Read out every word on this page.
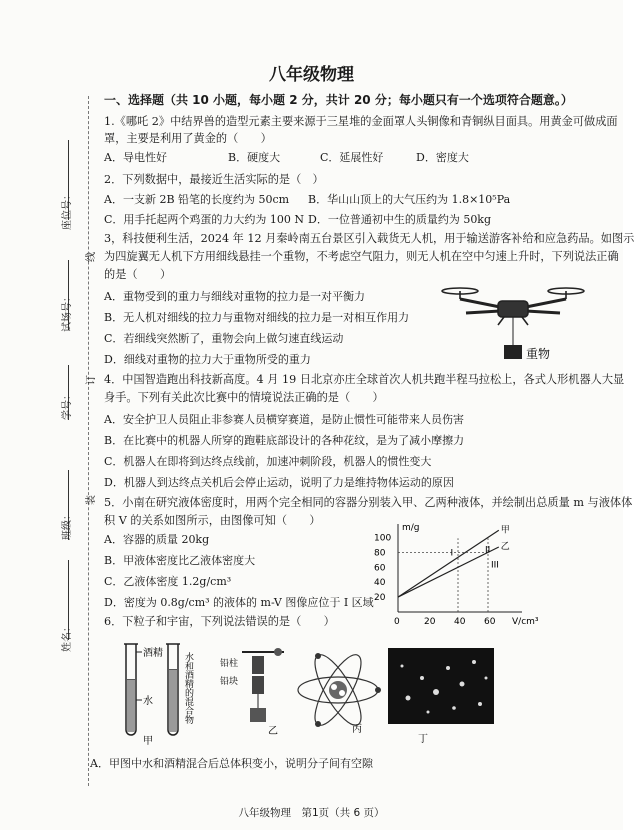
座位号：
试场号：
学号：
班级：
姓名：
线
订
装
八年级物理
一、选择题（共 10 小题，每小题 2 分，共计 20 分；每小题只有一个选项符合题意。）
1.《哪吒 2》中结界兽的造型元素主要来源于三星堆的金面罩人头铜像和青铜纵目面具。用黄金可做成面
罩，主要是利用了黄金的（　　）
A．导电性好	B．硬度大	C．延展性好	D．密度大
2．下列数据中，最接近生活实际的是（　）
A．一支新 2B 铅笔的长度约为 50cm B．华山山顶上的大气压约为 1.8×10⁵Pa
C．用手托起两个鸡蛋的力大约为 100 N D．一位普通初中生的质量约为 50kg
3，科技便利生活，2024 年 12 月秦岭南五台景区引入载货无人机，用于输送游客补给和应急药品。如图示
为四旋翼无人机下方用细线悬挂一个重物，不考虑空气阻力，则无人机在空中匀速上升时，下列说法正确
的是（　　）
A．重物受到的重力与细线对重物的拉力是一对平衡力
B．无人机对细线的拉力与重物对细线的拉力是一对相互作用力
C．若细线突然断了，重物会向上做匀速直线运动
D．细线对重物的拉力大于重物所受的重力	重物
4．中国智造跑出科技新高度。4 月 19 日北京亦庄全球首次人机共跑半程马拉松上，各式人形机器人大显
身手。下列有关此次比赛中的情境说法正确的是（　　）
A．安全护卫人员阻止非参赛人员横穿赛道，是防止惯性可能带来人员伤害
B．在比赛中的机器人所穿的跑鞋底部设计的各种花纹，是为了减小摩擦力
C．机器人在即将到达终点线前，加速冲刺阶段，机器人的惯性变大
D．机器人到达终点关机后会停止运动，说明了力是维持物体运动的原因
5．小南在研究液体密度时，用两个完全相同的容器分别装入甲、乙两种液体，并绘制出总质量 m 与液体体
积 V 的关系如图所示，由图像可知（　　）
A．容器的质量 20kg
B．甲液体密度比乙液体密度大
C．乙液体密度 1.2g/cm³
D．密度为 0.8g/cm³ 的液体的 m-V 图像应位于 I 区域
V/cm³
m/g
0	20 40 60
20
40
60
80
100
甲
乙
I	II
III
6．下粒子和宇宙，下列说法错误的是（　　）
酒精
水	水和酒精的混合物
甲
铅柱
铅块
乙	丙
丁
A．甲图中水和酒精混合后总体积变小，说明分子间有空隙
八年级物理　第1页（共 6 页）
